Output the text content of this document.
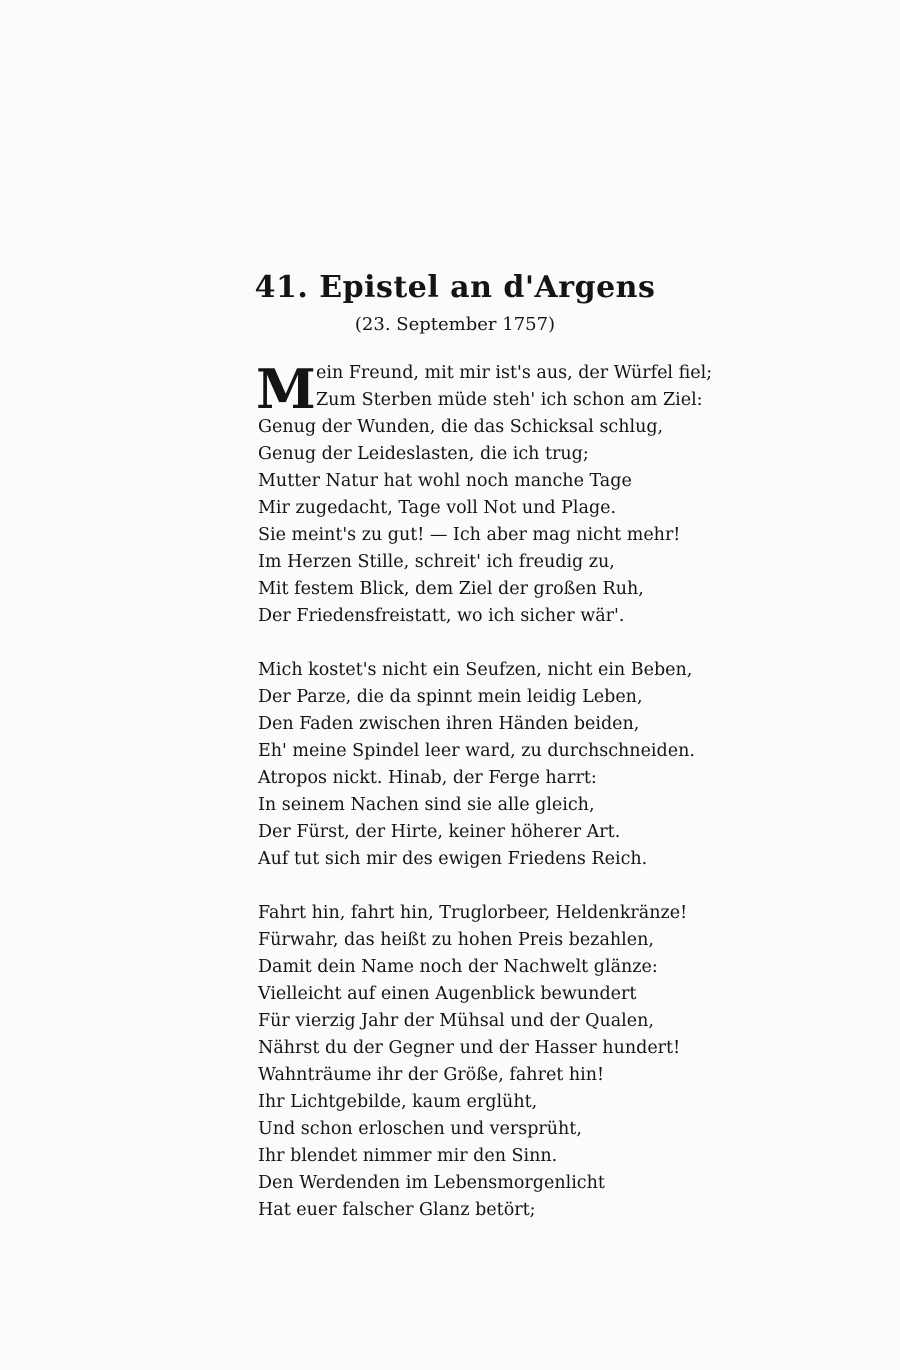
41. Epistel an d'Argens
(23. September 1757)
M ein Freund, mit mir ist's aus, der Würfel fiel;
Zum Sterben müde steh' ich schon am Ziel:
Genug der Wunden, die das Schicksal schlug,
Genug der Leideslasten, die ich trug;
Mutter Natur hat wohl noch manche Tage
Mir zugedacht, Tage voll Not und Plage.
Sie meint's zu gut! — Ich aber mag nicht mehr!
Im Herzen Stille, schreit' ich freudig zu,
Mit festem Blick, dem Ziel der großen Ruh,
Der Friedensfreistatt, wo ich sicher wär'.
Mich kostet's nicht ein Seufzen, nicht ein Beben,
Der Parze, die da spinnt mein leidig Leben,
Den Faden zwischen ihren Händen beiden,
Eh' meine Spindel leer ward, zu durchschneiden.
Atropos nickt. Hinab, der Ferge harrt:
In seinem Nachen sind sie alle gleich,
Der Fürst, der Hirte, keiner höherer Art.
Auf tut sich mir des ewigen Friedens Reich.
Fahrt hin, fahrt hin, Truglorbeer, Heldenkränze!
Fürwahr, das heißt zu hohen Preis bezahlen,
Damit dein Name noch der Nachwelt glänze:
Vielleicht auf einen Augenblick bewundert
Für vierzig Jahr der Mühsal und der Qualen,
Nährst du der Gegner und der Hasser hundert!
Wahnträume ihr der Größe, fahret hin!
Ihr Lichtgebilde, kaum erglüht,
Und schon erloschen und versprüht,
Ihr blendet nimmer mir den Sinn.
Den Werdenden im Lebensmorgenlicht
Hat euer falscher Glanz betört;
